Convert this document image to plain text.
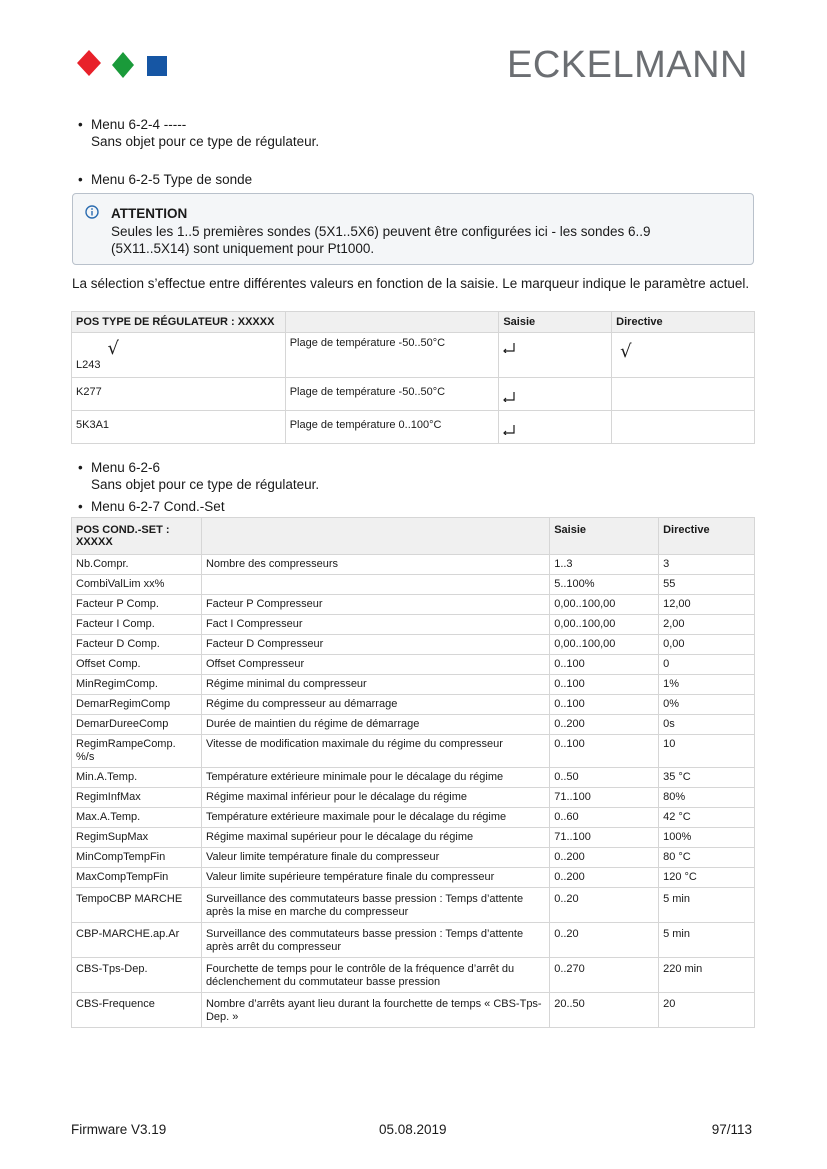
ECKELMANN
• Menu 6-2-4 -----
Sans objet pour ce type de régulateur.
• Menu 6-2-5 Type de sonde
ATTENTION
Seules les 1..5 premières sondes (5X1..5X6) peuvent être configurées ici - les sondes 6..9 (5X11..5X14) sont uniquement pour Pt1000.
La sélection s’effectue entre différentes valeurs en fonction de la saisie. Le marqueur indique le paramètre actuel.
POS TYPE DE RÉGULATEUR : XXXXX		Saisie	Directive
L243 √	Plage de température -50..50°C		√
K277	Plage de température -50..50°C		
5K3A1	Plage de température 0..100°C		
• Menu 6-2-6
Sans objet pour ce type de régulateur.
• Menu 6-2-7 Cond.-Set
POS COND.-SET : XXXXX		Saisie	Directive
Nb.Compr.	Nombre des compresseurs	1..3	3
CombiValLim xx%		5..100%	55
Facteur P Comp.	Facteur P Compresseur	0,00..100,00	12,00
Facteur I Comp.	Fact I Compresseur	0,00..100,00	2,00
Facteur D Comp.	Facteur D Compresseur	0,00..100,00	0,00
Offset Comp.	Offset Compresseur	0..100	0
MinRegimComp.	Régime minimal du compresseur	0..100	1%
DemarRegimComp	Régime du compresseur au démarrage	0..100	0%
DemarDureeComp	Durée de maintien du régime de démarrage	0..200	0s
RegimRampeComp. %/s	Vitesse de modification maximale du régime du compresseur	0..100	10
Min.A.Temp.	Température extérieure minimale pour le décalage du régime	0..50	35 °C
RegimInfMax	Régime maximal inférieur pour le décalage du régime	71..100	80%
Max.A.Temp.	Température extérieure maximale pour le décalage du régime	0..60	42 °C
RegimSupMax	Régime maximal supérieur pour le décalage du régime	71..100	100%
MinCompTempFin	Valeur limite température finale du compresseur	0..200	80 °C
MaxCompTempFin	Valeur limite supérieure température finale du compresseur	0..200	120 °C
TempoCBP MARCHE	Surveillance des commutateurs basse pression : Temps d’attente après la mise en marche du compresseur	0..20	5 min
CBP-MARCHE.ap.Ar	Surveillance des commutateurs basse pression : Temps d’attente après arrêt du compresseur	0..20	5 min
CBS-Tps-Dep.	Fourchette de temps pour le contrôle de la fréquence d’arrêt du déclenchement du commutateur basse pression	0..270	220 min
CBS-Frequence	Nombre d’arrêts ayant lieu durant la fourchette de temps « CBS-Tps-Dep. »	20..50	20
Firmware V3.19	05.08.2019	97/113
